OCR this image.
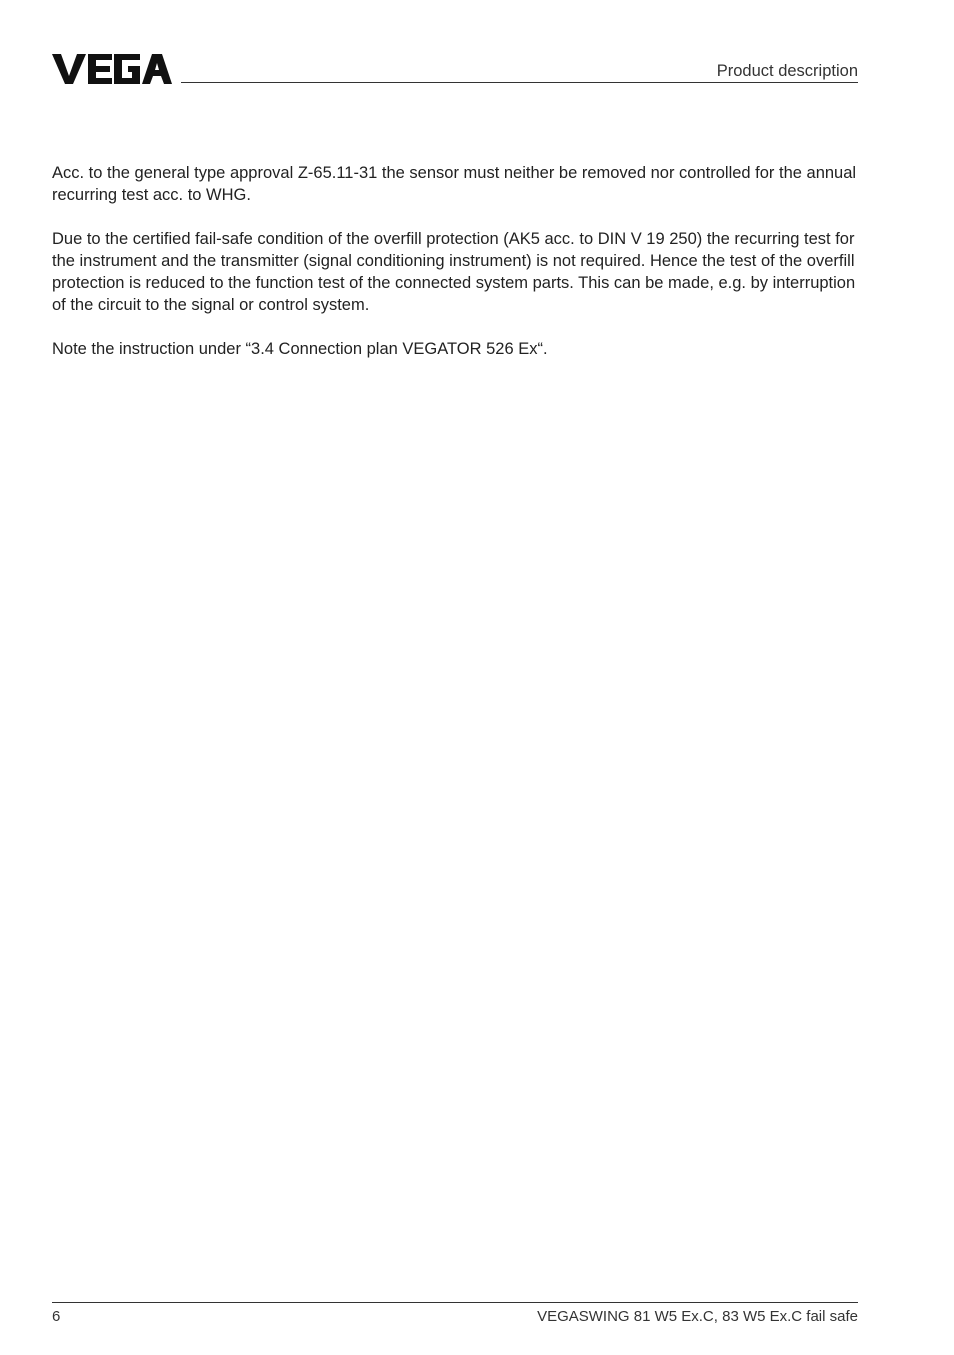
Product description

Acc. to the general type approval Z-65.11-31 the sensor must neither be removed nor controlled for the annual recurring test acc. to WHG.

Due to the certified fail-safe condition of the overfill protection (AK5 acc. to DIN V 19 250) the recurring test for the instrument and the transmitter (signal conditioning instrument) is not required. Hence the test of the overfill protection is reduced to the function test of the connected system parts. This can be made, e.g. by interruption of the circuit to the signal or control system.

Note the instruction under “3.4 Connection plan VEGATOR 526 Ex“.

6	VEGASWING 81 W5 Ex.C, 83 W5 Ex.C fail safe
